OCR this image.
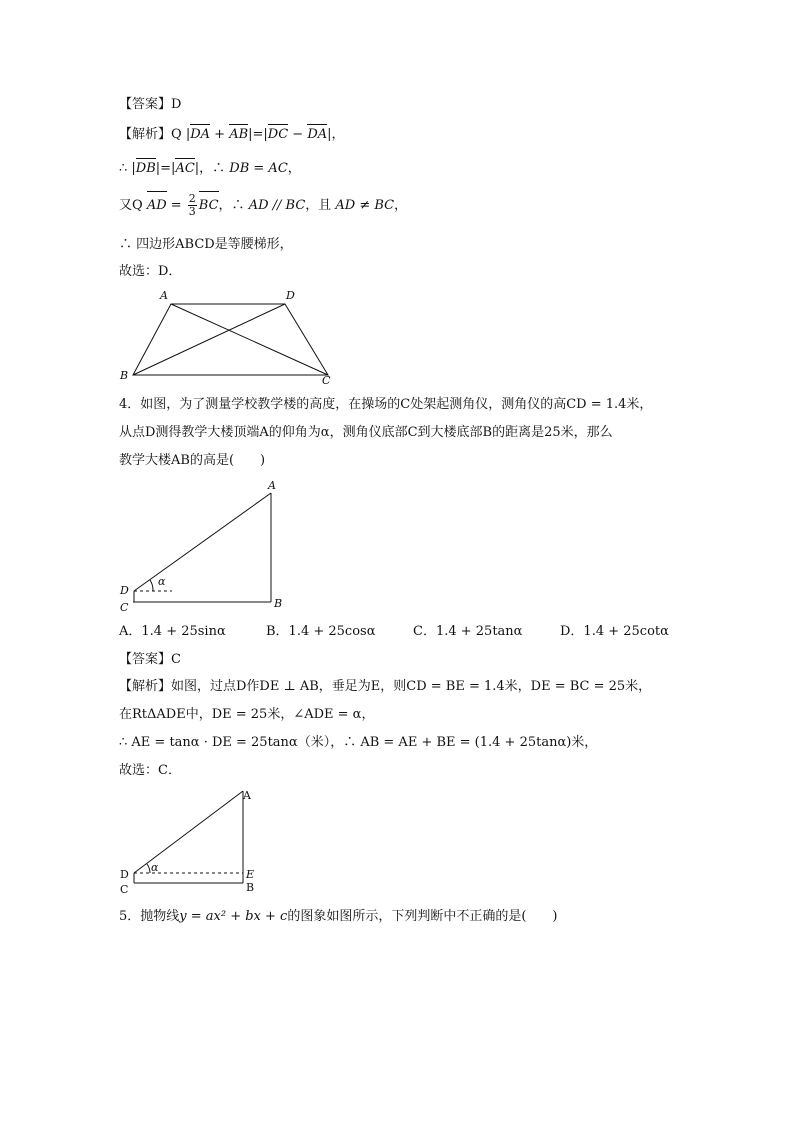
【答案】D
【解析】Q |DA + AB|=|DC − DA|，
∴ |DB|=|AC|，∴ DB = AC，
又Q AD = $\frac{2}{3}$ BC，∴ AD // BC，且 AD ≠ BC，
∴ 四边形ABCD是等腰梯形，
故选：D．
A	D
B	C
4．如图，为了测量学校教学楼的高度，在操场的C处架起测角仪，测角仪的高CD = 1.4米，
从点D测得教学大楼顶端A的仰角为α，测角仪底部C到大楼底部B的距离是25米，那么
教学大楼AB的高是(　　)
A
B
C
D
α
A．1.4 + 25sinα	B．1.4 + 25cosα	C．1.4 + 25tanα	D．1.4 + 25cotα
【答案】C
【解析】如图，过点D作DE ⊥ AB，垂足为E，则CD = BE = 1.4米，DE = BC = 25米，
在RtΔADE中，DE = 25米，∠ADE = α，
∴ AE = tanα · DE = 25tanα（米），∴ AB = AE + BE = (1.4 + 25tanα)米，
故选：C．
A
B
C
D	E
α
5．抛物线y = ax² + bx + c的图象如图所示，下列判断中不正确的是(　　)
